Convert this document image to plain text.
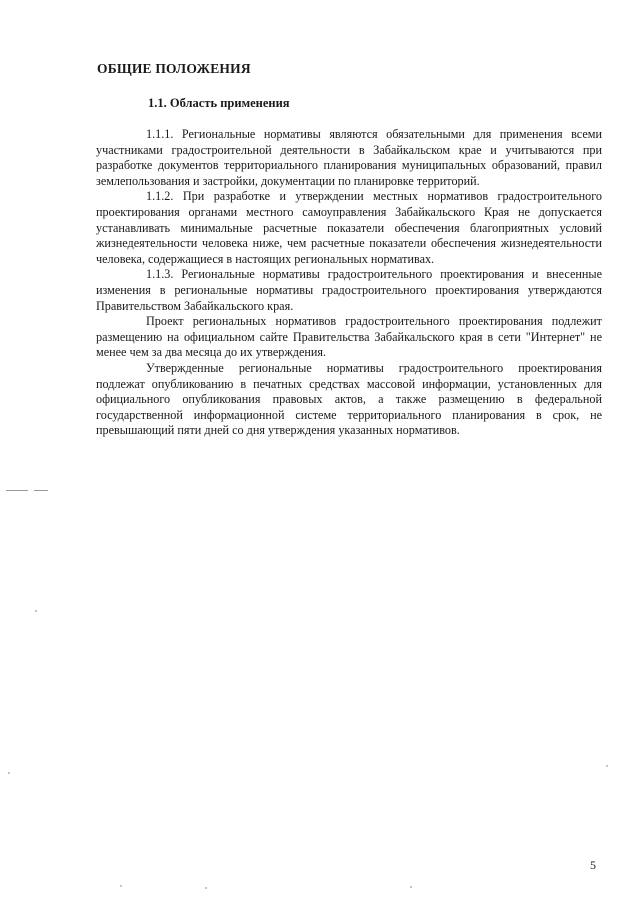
ОБЩИЕ ПОЛОЖЕНИЯ
1.1. Область применения

1.1.1. Региональные нормативы являются обязательными для применения всеми участниками градостроительной деятельности в Забайкальском крае и учитываются при разработке документов территориального планирования муниципальных образований, правил землепользования и застройки, документации по планировке территорий.

1.1.2. При разработке и утверждении местных нормативов градостроительного проектирования органами местного самоуправления Забайкальского Края не допускается устанавливать минимальные расчетные показатели обеспечения благоприятных условий жизнедеятельности человека ниже, чем расчетные показатели обеспечения жизнедеятельности человека, содержащиеся в настоящих региональных нормативах.

1.1.3. Региональные нормативы градостроительного проектирования и внесенные изменения в региональные нормативы градостроительного проектирования утверждаются Правительством Забайкальского края.

Проект региональных нормативов градостроительного проектирования подлежит размещению на официальном сайте Правительства Забайкальского края в сети "Интернет" не менее чем за два месяца до их утверждения.

Утвержденные региональные нормативы градостроительного проектирования подлежат опубликованию в печатных средствах массовой информации, установленных для официального опубликования правовых актов, а также размещению в федеральной государственной информационной системе территориального планирования в срок, не превышающий пяти дней со дня утверждения указанных нормативов.

5
